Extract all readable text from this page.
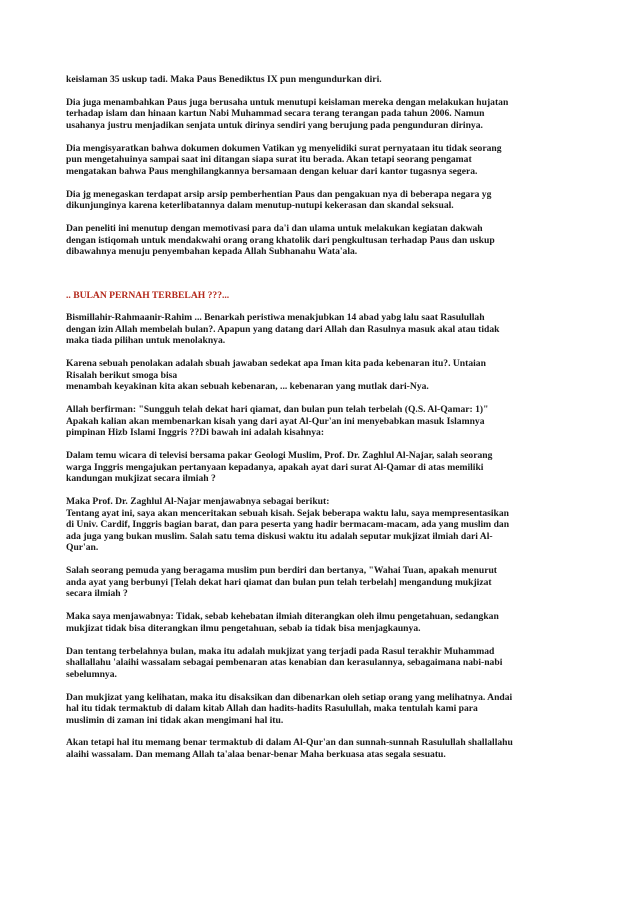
keislaman 35 uskup tadi. Maka Paus Benediktus IX pun mengundurkan diri.

Dia juga menambahkan Paus juga berusaha untuk menutupi keislaman mereka dengan melakukan hujatan
terhadap islam dan hinaan kartun Nabi Muhammad secara terang terangan pada tahun 2006. Namun
usahanya justru menjadikan senjata untuk dirinya sendiri yang berujung pada pengunduran dirinya.

Dia mengisyaratkan bahwa dokumen dokumen Vatikan yg menyelidiki surat pernyataan itu tidak seorang
pun mengetahuinya sampai saat ini ditangan siapa surat itu berada. Akan tetapi seorang pengamat
mengatakan bahwa Paus menghilangkannya bersamaan dengan keluar dari kantor tugasnya segera.

Dia jg menegaskan terdapat arsip arsip pemberhentian Paus dan pengakuan nya di beberapa negara yg
dikunjunginya karena keterlibatannya dalam menutup-nutupi kekerasan dan skandal seksual.

Dan peneliti ini menutup dengan memotivasi para da'i dan ulama untuk melakukan kegiatan dakwah
dengan istiqomah untuk mendakwahi orang orang khatolik dari pengkultusan terhadap Paus dan uskup
dibawahnya menuju penyembahan kepada Allah Subhanahu Wata'ala.

.. BULAN PERNAH TERBELAH ???...

Bismillahir-Rahmaanir-Rahim ... Benarkah peristiwa menakjubkan 14 abad yabg lalu saat Rasulullah
dengan izin Allah membelah bulan?. Apapun yang datang dari Allah dan Rasulnya masuk akal atau tidak
maka tiada pilihan untuk menolaknya.

Karena sebuah penolakan adalah sbuah jawaban sedekat apa Iman kita pada kebenaran itu?. Untaian
Risalah berikut smoga bisa
menambah keyakinan kita akan sebuah kebenaran, ... kebenaran yang mutlak dari-Nya.

Allah berfirman: "Sungguh telah dekat hari qiamat, dan bulan pun telah terbelah (Q.S. Al-Qamar: 1)"
Apakah kalian akan membenarkan kisah yang dari ayat Al-Qur'an ini menyebabkan masuk Islamnya
pimpinan Hizb Islami Inggris ??Di bawah ini adalah kisahnya:

Dalam temu wicara di televisi bersama pakar Geologi Muslim, Prof. Dr. Zaghlul Al-Najar, salah seorang
warga Inggris mengajukan pertanyaan kepadanya, apakah ayat dari surat Al-Qamar di atas memiliki
kandungan mukjizat secara ilmiah ?

Maka Prof. Dr. Zaghlul Al-Najar menjawabnya sebagai berikut:
Tentang ayat ini, saya akan menceritakan sebuah kisah. Sejak beberapa waktu lalu, saya mempresentasikan
di Univ. Cardif, Inggris bagian barat, dan para peserta yang hadir bermacam-macam, ada yang muslim dan
ada juga yang bukan muslim. Salah satu tema diskusi waktu itu adalah seputar mukjizat ilmiah dari Al-
Qur'an.

Salah seorang pemuda yang beragama muslim pun berdiri dan bertanya, "Wahai Tuan, apakah menurut
anda ayat yang berbunyi [Telah dekat hari qiamat dan bulan pun telah terbelah] mengandung mukjizat
secara ilmiah ?

Maka saya menjawabnya: Tidak, sebab kehebatan ilmiah diterangkan oleh ilmu pengetahuan, sedangkan
mukjizat tidak bisa diterangkan ilmu pengetahuan, sebab ia tidak bisa menjagkaunya.

Dan tentang terbelahnya bulan, maka itu adalah mukjizat yang terjadi pada Rasul terakhir Muhammad
shallallahu 'alaihi wassalam sebagai pembenaran atas kenabian dan kerasulannya, sebagaimana nabi-nabi
sebelumnya.

Dan mukjizat yang kelihatan, maka itu disaksikan dan dibenarkan oleh setiap orang yang melihatnya. Andai
hal itu tidak termaktub di dalam kitab Allah dan hadits-hadits Rasulullah, maka tentulah kami para
muslimin di zaman ini tidak akan mengimani hal itu.

Akan tetapi hal itu memang benar termaktub di dalam Al-Qur'an dan sunnah-sunnah Rasulullah shallallahu
alaihi wassalam. Dan memang Allah ta'alaa benar-benar Maha berkuasa atas segala sesuatu.
